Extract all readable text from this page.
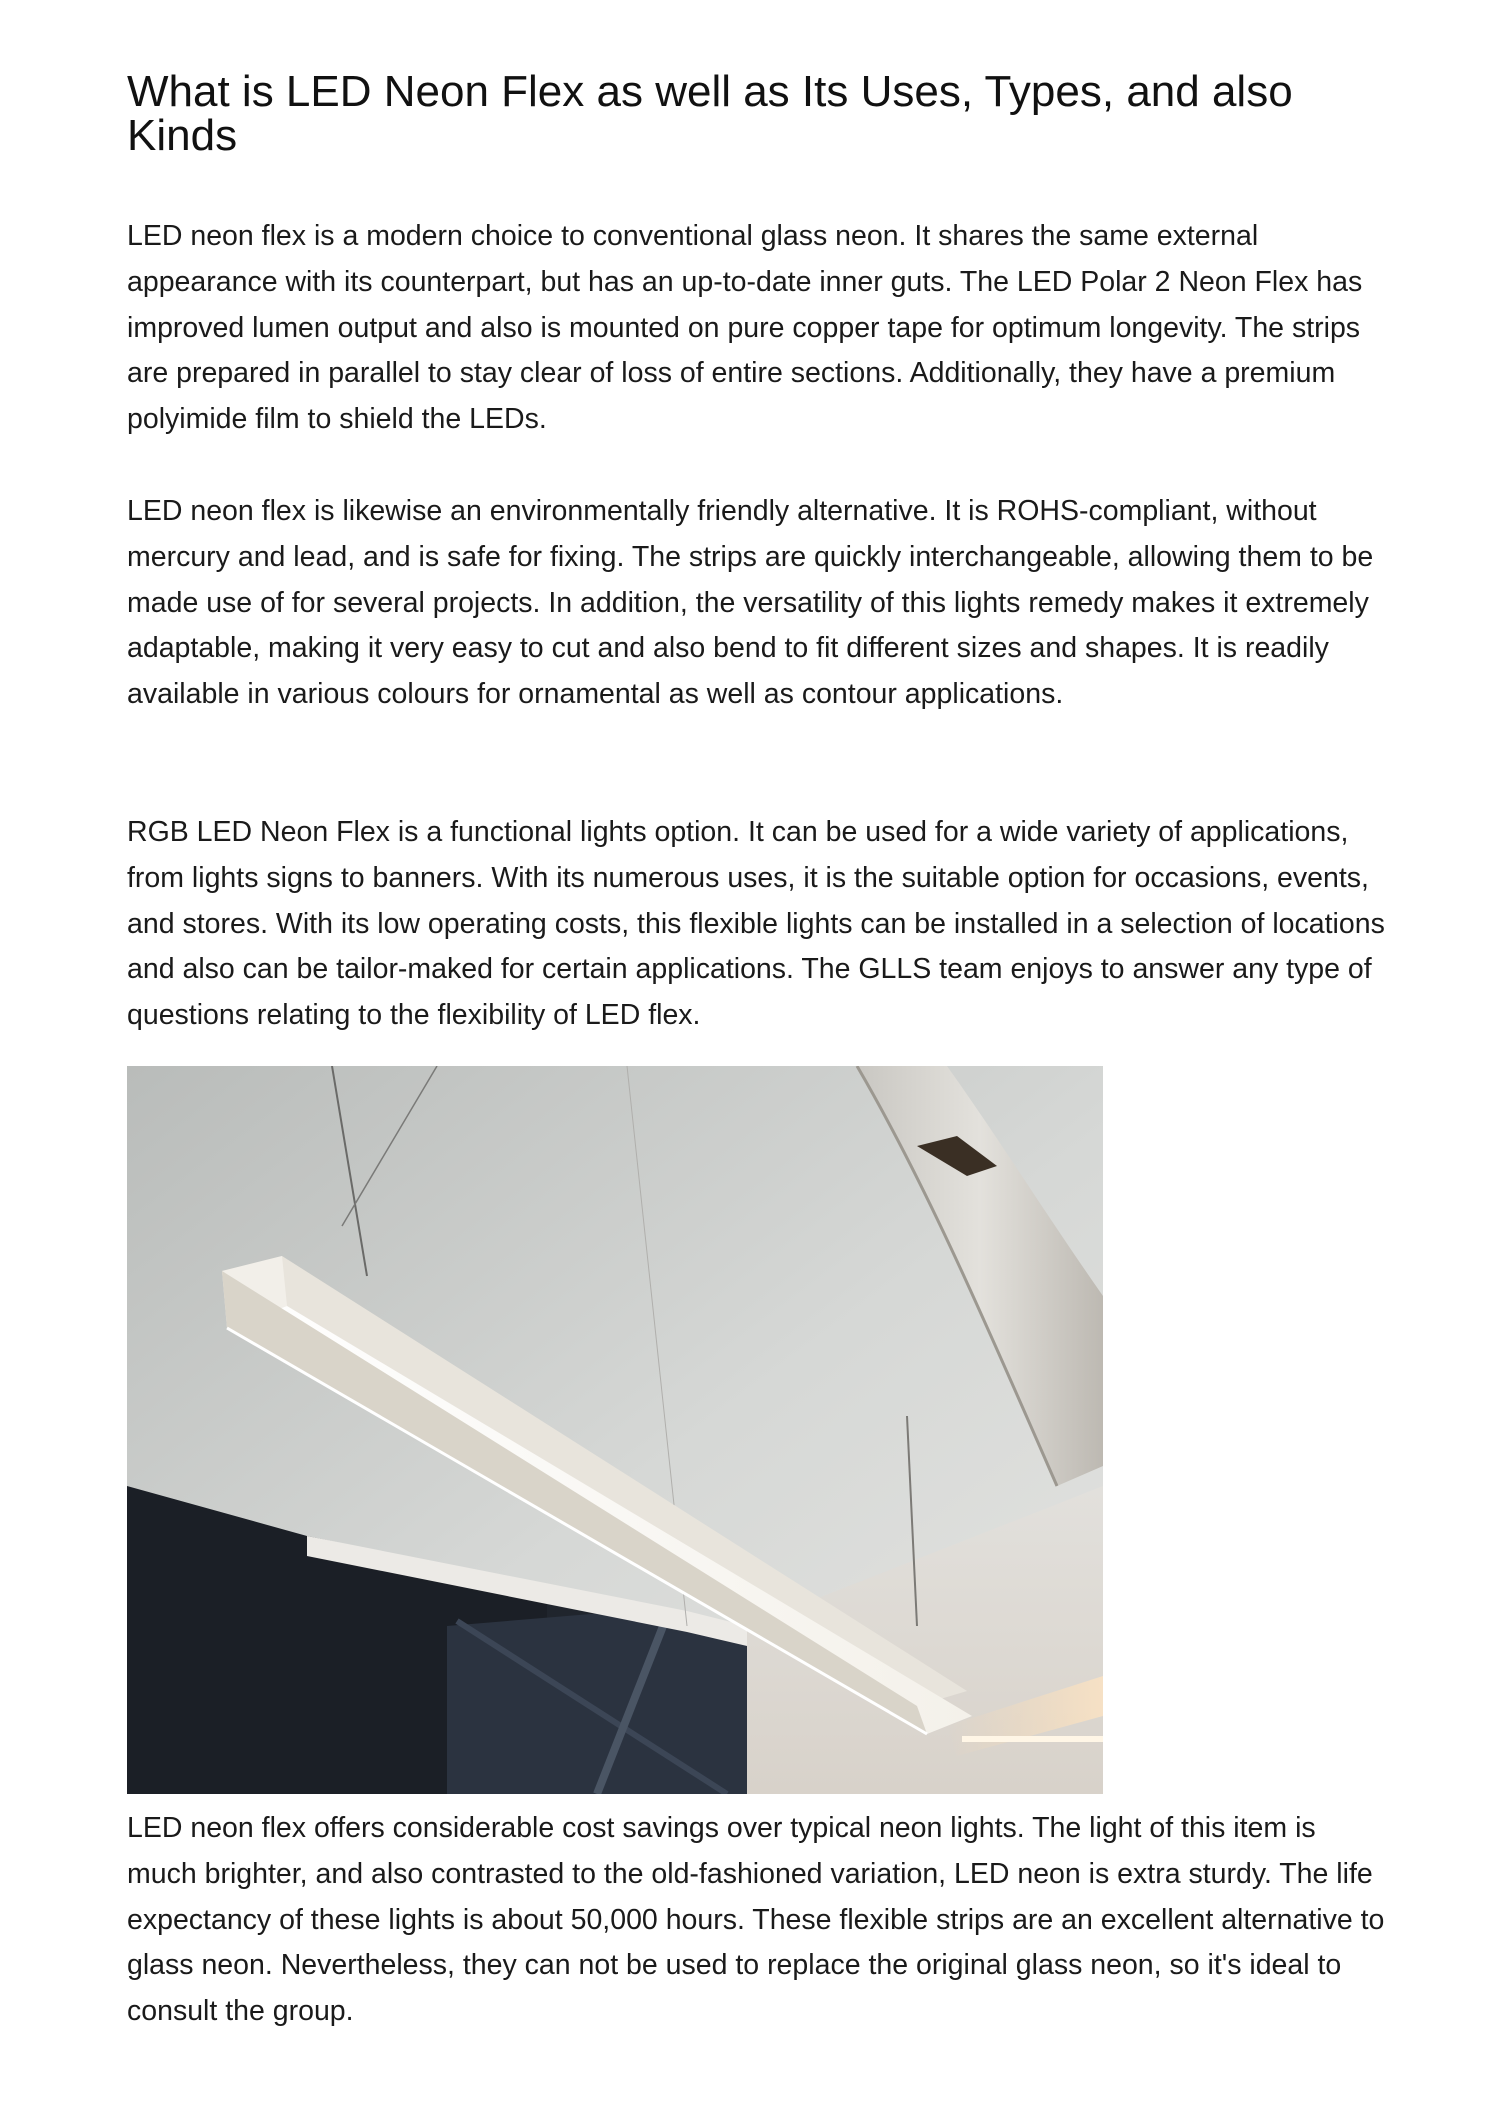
What is LED Neon Flex as well as Its Uses, Types, and also Kinds

LED neon flex is a modern choice to conventional glass neon. It shares the same external appearance with its counterpart, but has an up-to-date inner guts. The LED Polar 2 Neon Flex has improved lumen output and also is mounted on pure copper tape for optimum longevity. The strips are prepared in parallel to stay clear of loss of entire sections. Additionally, they have a premium polyimide film to shield the LEDs.

LED neon flex is likewise an environmentally friendly alternative. It is ROHS-compliant, without mercury and lead, and is safe for fixing. The strips are quickly interchangeable, allowing them to be made use of for several projects. In addition, the versatility of this lights remedy makes it extremely adaptable, making it very easy to cut and also bend to fit different sizes and shapes. It is readily available in various colours for ornamental as well as contour applications.

RGB LED Neon Flex is a functional lights option. It can be used for a wide variety of applications, from lights signs to banners. With its numerous uses, it is the suitable option for occasions, events, and stores. With its low operating costs, this flexible lights can be installed in a selection of locations and also can be tailor-maked for certain applications. The GLLS team enjoys to answer any type of questions relating to the flexibility of LED flex.

LED neon flex offers considerable cost savings over typical neon lights. The light of this item is much brighter, and also contrasted to the old-fashioned variation, LED neon is extra sturdy. The life expectancy of these lights is about 50,000 hours. These flexible strips are an excellent alternative to glass neon. Nevertheless, they can not be used to replace the original glass neon, so it's ideal to consult the group.
